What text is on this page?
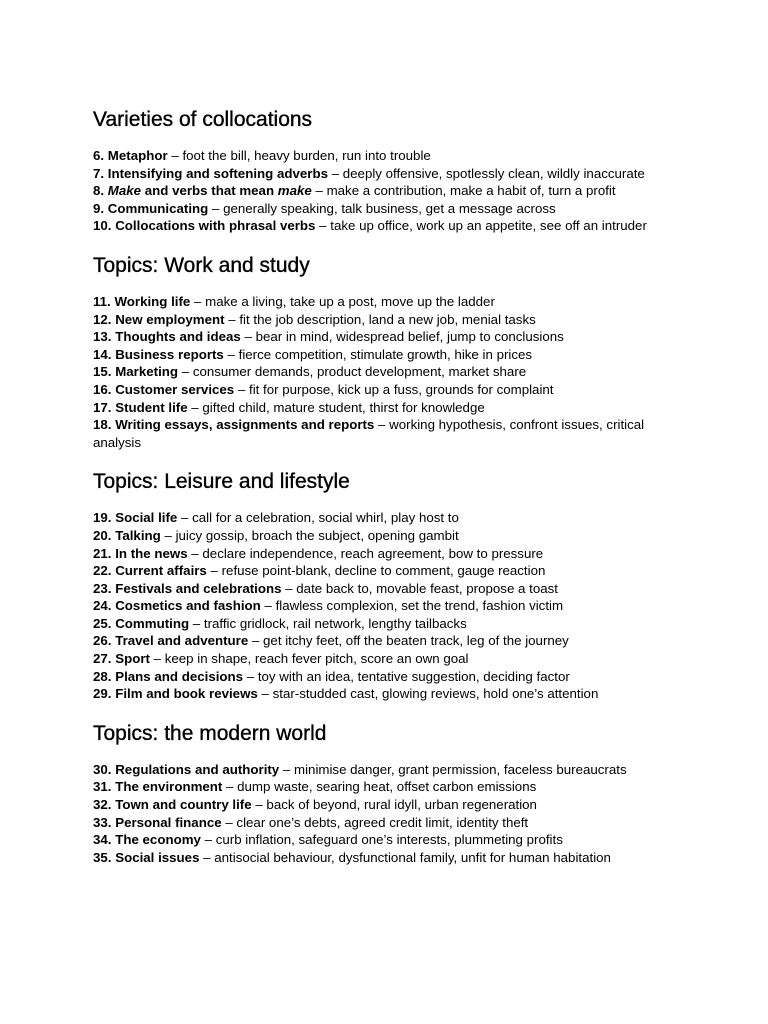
Varieties of collocations

6. Metaphor – foot the bill, heavy burden, run into trouble

7. Intensifying and softening adverbs – deeply offensive, spotlessly clean, wildly inaccurate

8. Make and verbs that mean make – make a contribution, make a habit of, turn a profit

9. Communicating – generally speaking, talk business, get a message across

10. Collocations with phrasal verbs – take up office, work up an appetite, see off an intruder

Topics: Work and study

11. Working life – make a living, take up a post, move up the ladder

12. New employment – fit the job description, land a new job, menial tasks

13. Thoughts and ideas – bear in mind, widespread belief, jump to conclusions

14. Business reports – fierce competition, stimulate growth, hike in prices

15. Marketing – consumer demands, product development, market share

16. Customer services – fit for purpose, kick up a fuss, grounds for complaint

17. Student life – gifted child, mature student, thirst for knowledge

18. Writing essays, assignments and reports – working hypothesis, confront issues, critical analysis

Topics: Leisure and lifestyle

19. Social life – call for a celebration, social whirl, play host to

20. Talking – juicy gossip, broach the subject, opening gambit

21. In the news – declare independence, reach agreement, bow to pressure

22. Current affairs – refuse point-blank, decline to comment, gauge reaction

23. Festivals and celebrations – date back to, movable feast, propose a toast

24. Cosmetics and fashion – flawless complexion, set the trend, fashion victim

25. Commuting – traffic gridlock, rail network, lengthy tailbacks

26. Travel and adventure – get itchy feet, off the beaten track, leg of the journey

27. Sport – keep in shape, reach fever pitch, score an own goal

28. Plans and decisions – toy with an idea, tentative suggestion, deciding factor

29. Film and book reviews – star-studded cast, glowing reviews, hold one’s attention

Topics: the modern world

30. Regulations and authority – minimise danger, grant permission, faceless bureaucrats

31. The environment – dump waste, searing heat, offset carbon emissions

32. Town and country life – back of beyond, rural idyll, urban regeneration

33. Personal finance – clear one’s debts, agreed credit limit, identity theft

34. The economy – curb inflation, safeguard one’s interests, plummeting profits

35. Social issues – antisocial behaviour, dysfunctional family, unfit for human habitation
